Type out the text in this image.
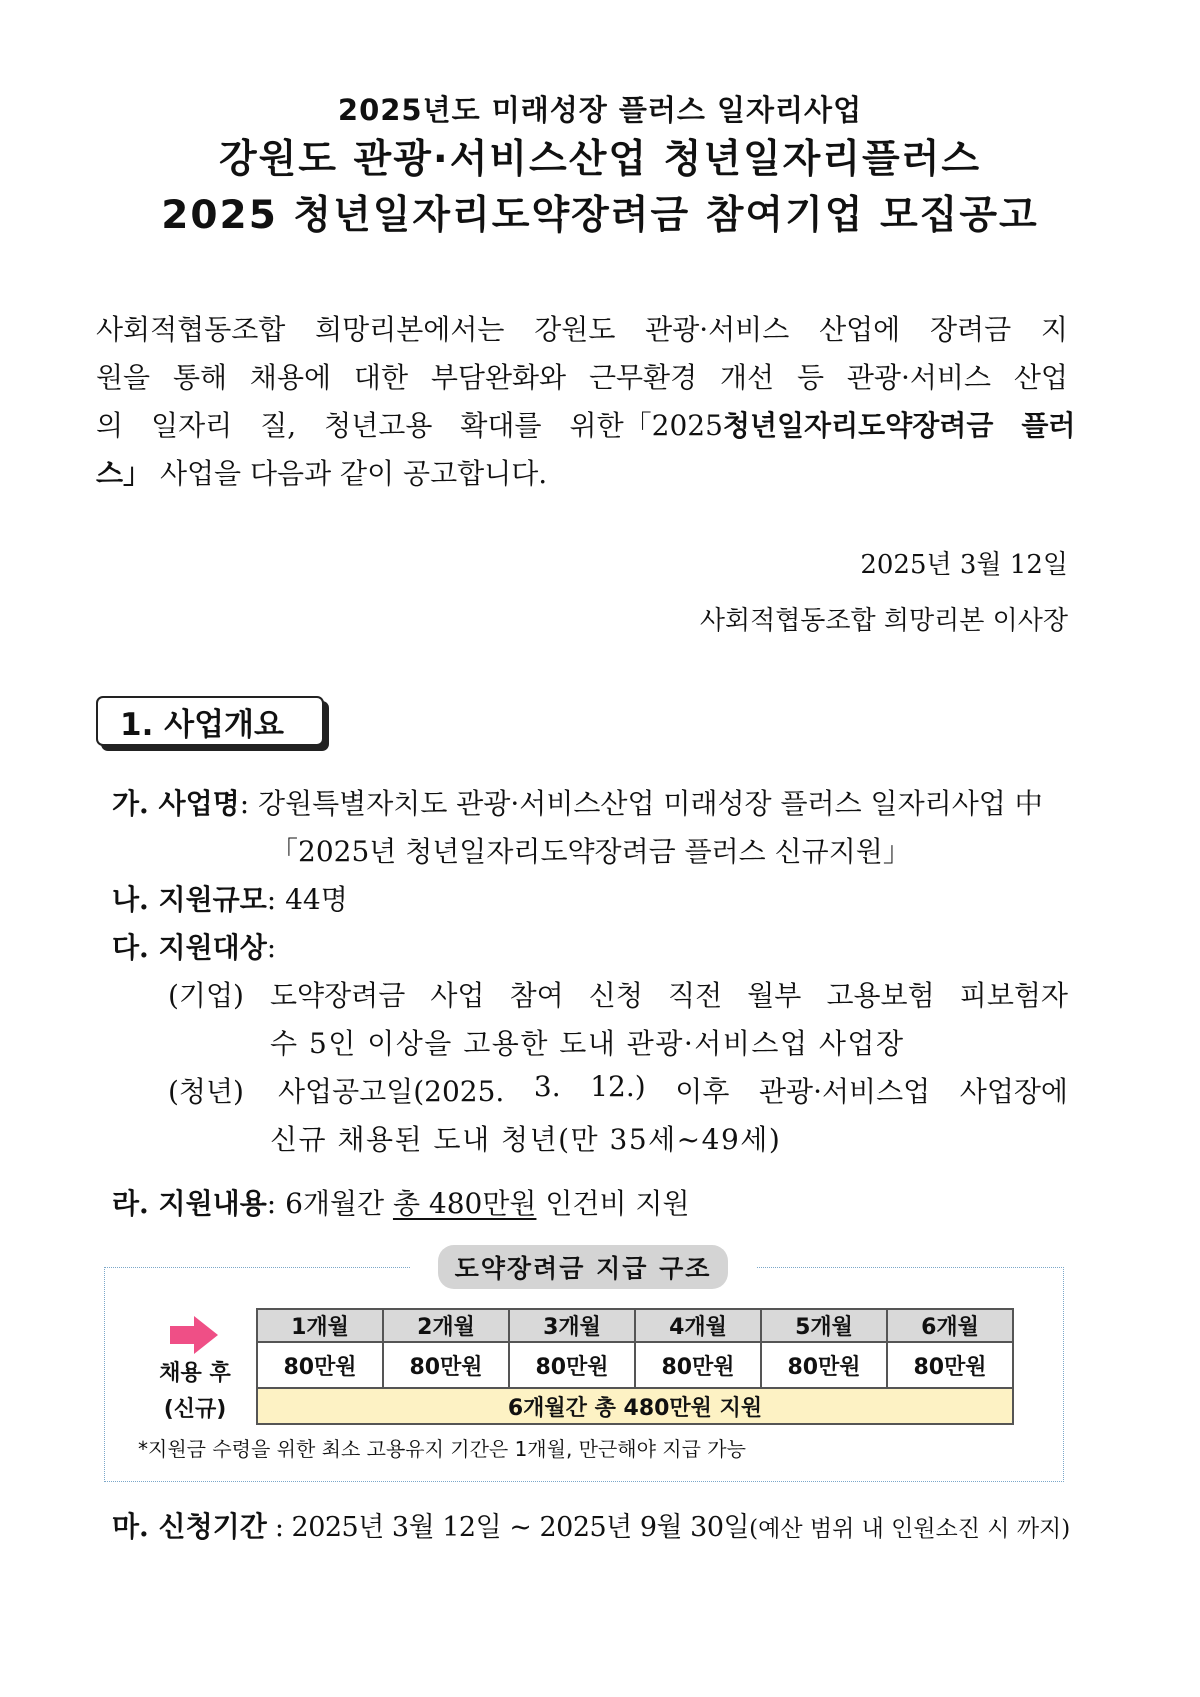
2025년도 미래성장 플러스 일자리사업
강원도 관광·서비스산업 청년일자리플러스
2025 청년일자리도약장려금 참여기업 모집공고

사회적협동조합 희망리본에서는 강원도 관광·서비스 산업에 장려금 지

원을 통해 채용에 대한 부담완화와 근무환경 개선 등 관광·서비스 산업

의 일자리 질, 청년고용 확대를 위한「2025 청년일자리도약장려금 플러

스」 사업을 다음과 같이 공고합니다.

2025년 3월 12일
사회적협동조합 희망리본 이사장
1. 사업개요
가. 사업명: 강원특별자치도 관광·서비스산업 미래성장 플러스 일자리사업 中
「2025년 청년일자리도약장려금 플러스 신규지원」
나. 지원규모: 44명
다. 지원대상:
(기업) 도약장려금 사업 참여 신청 직전 월부 고용보험 피보험자
수 5인 이상을 고용한 도내 관광·서비스업 사업장
(청년) 사업공고일(2025. 3. 12.) 이후 관광·서비스업 사업장에
신규 채용된 도내 청년(만 35세~49세)
라. 지원내용: 6개월간 총 480만원 인건비 지원
도약장려금 지급 구조
채용 후
(신규)
1개월	2개월	3개월	4개월	5개월	6개월
80만원	80만원	80만원	80만원	80만원	80만원
6개월간 총 480만원 지원					
*지원금 수령을 위한 최소 고용유지 기간은 1개월, 만근해야 지급 가능
마. 신청기간 : 2025년 3월 12일 ~ 2025년 9월 30일(예산 범위 내 인원소진 시 까지)
